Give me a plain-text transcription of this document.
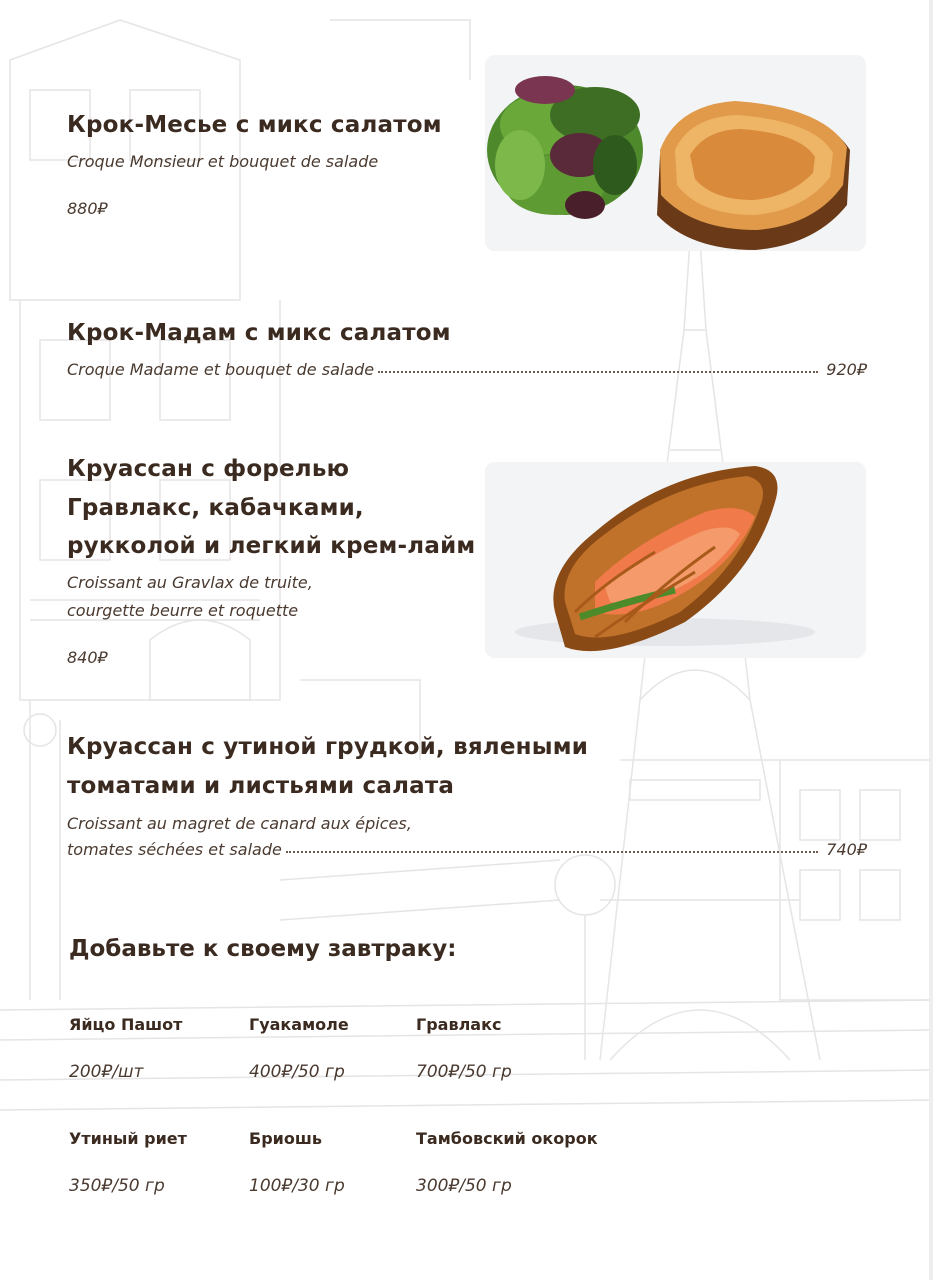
Крок-Месье с микс салатом

Croque Monsieur et bouquet de salade

880₽
Крок-Мадам с микс салатом
Croque Madame et bouquet de salade	920₽
Круассан с форелью
Гравлакс, кабачками,
рукколой и легкий крем-лайм

Croissant au Gravlax de truite,

courgette beurre et roquette

840₽
Круассан с утиной грудкой, вялеными
томатами и листьями салата

Croissant au magret de canard aux épices,

tomates séchées et salade	740₽
Добавьте к своему завтраку:
Яйцо Пашот
200₽/шт
Гуакамоле
400₽/50 гр
Гравлакс
700₽/50 гр
Утиный риет
350₽/50 гр
Бриошь
100₽/30 гр
Тамбовский окорок
300₽/50 гр
